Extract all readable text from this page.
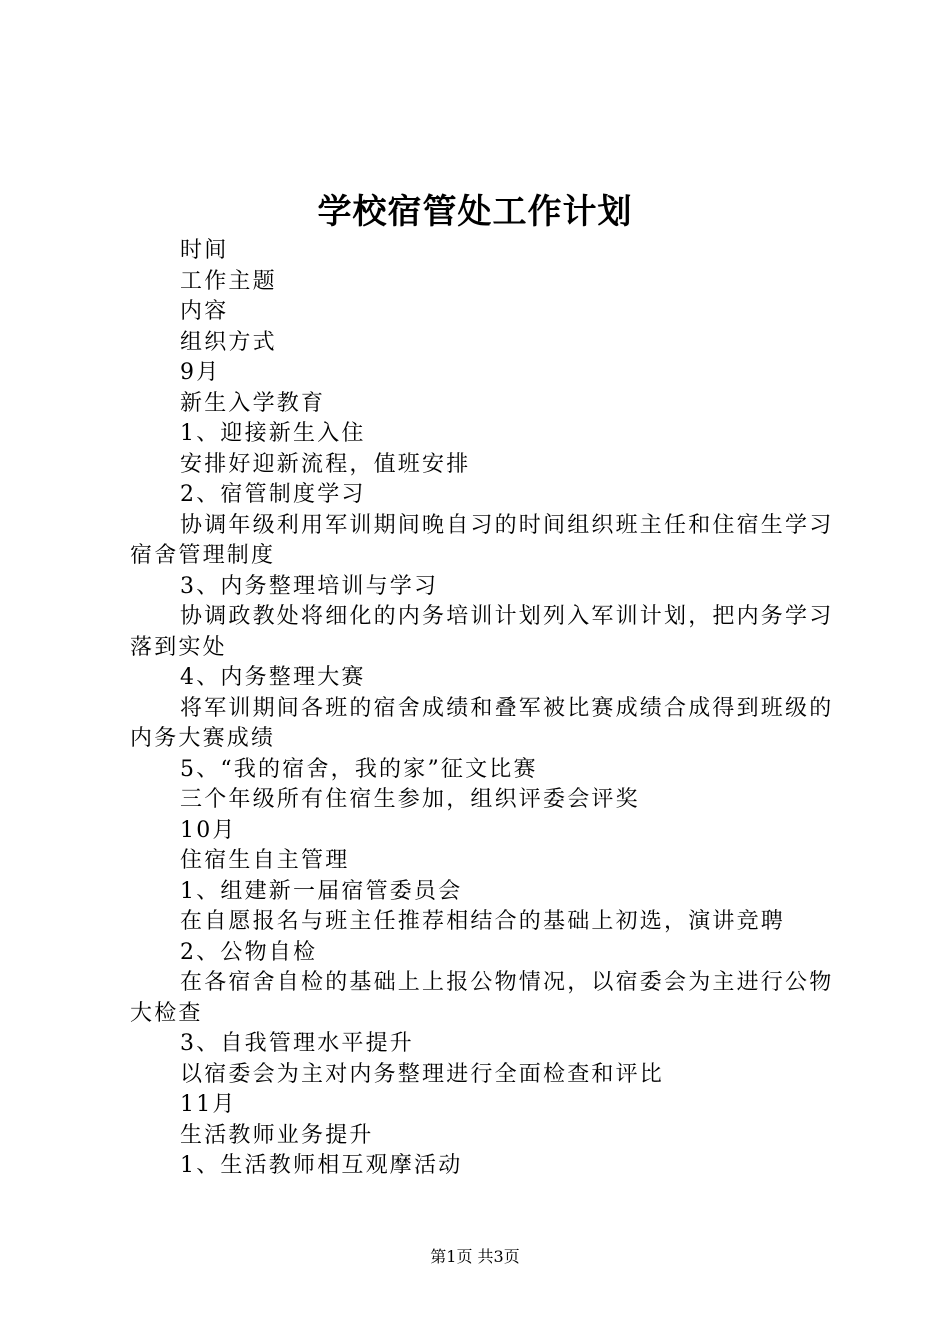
学校宿管处工作计划

时间

工作主题

内容

组织方式

9月

新生入学教育

1、迎接新生入住

安排好迎新流程，值班安排

2、宿管制度学习

协调年级利用军训期间晚自习的时间组织班主任和住宿生学习宿舍管理制度

3、内务整理培训与学习

协调政教处将细化的内务培训计划列入军训计划，把内务学习落到实处

4、内务整理大赛

将军训期间各班的宿舍成绩和叠军被比赛成绩合成得到班级的内务大赛成绩

5、“我的宿舍，我的家”征文比赛

三个年级所有住宿生参加，组织评委会评奖

10月

住宿生自主管理

1、组建新一届宿管委员会

在自愿报名与班主任推荐相结合的基础上初选，演讲竞聘

2、公物自检

在各宿舍自检的基础上上报公物情况，以宿委会为主进行公物大检查

3、自我管理水平提升

以宿委会为主对内务整理进行全面检查和评比

11月

生活教师业务提升

1、生活教师相互观摩活动

第1页 共3页
